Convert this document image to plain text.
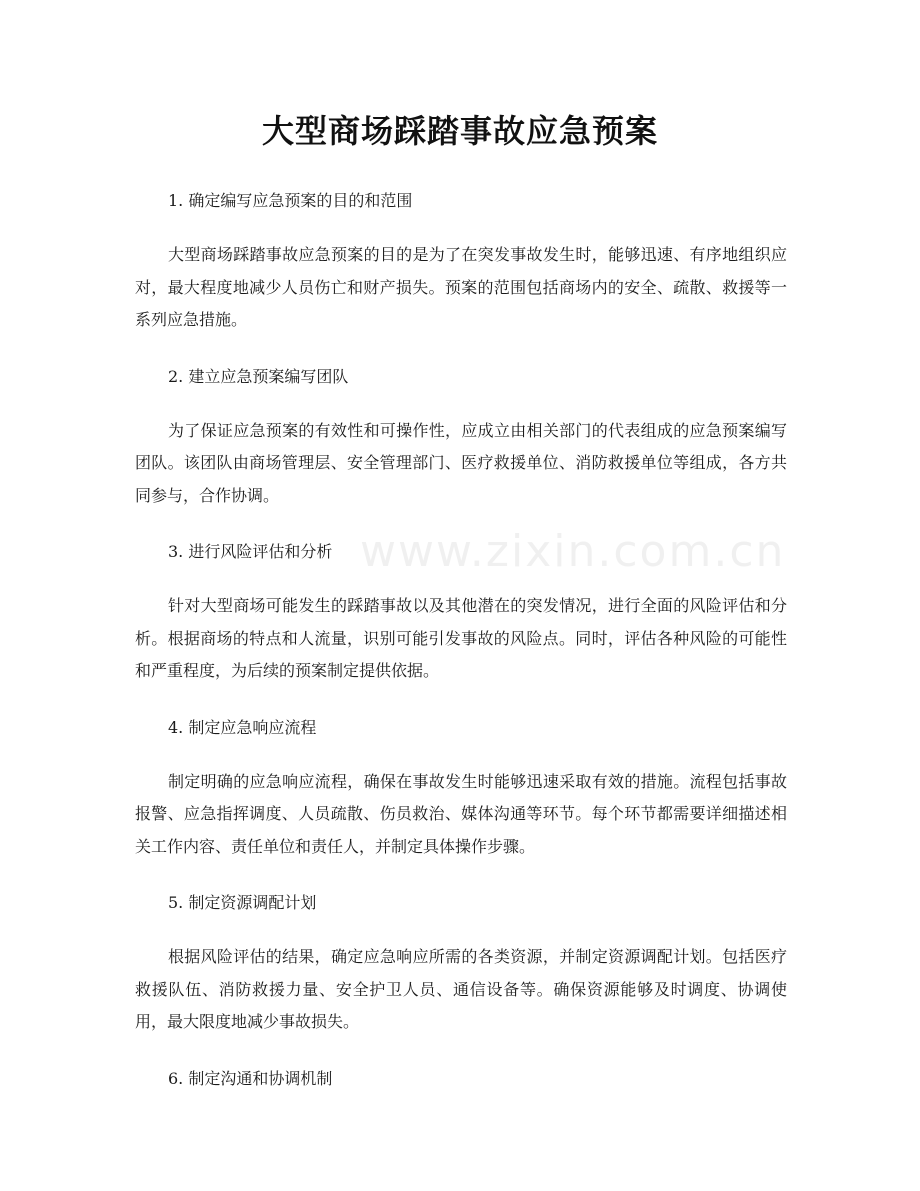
大型商场踩踏事故应急预案
www.zixin.com.cn

1. 确定编写应急预案的目的和范围

大型商场踩踏事故应急预案的目的是为了在突发事故发生时，能够迅速、有序地组织应对，最大程度地减少人员伤亡和财产损失。预案的范围包括商场内的安全、疏散、救援等一系列应急措施。

2. 建立应急预案编写团队

为了保证应急预案的有效性和可操作性，应成立由相关部门的代表组成的应急预案编写团队。该团队由商场管理层、安全管理部门、医疗救援单位、消防救援单位等组成，各方共同参与，合作协调。

3. 进行风险评估和分析

针对大型商场可能发生的踩踏事故以及其他潜在的突发情况，进行全面的风险评估和分析。根据商场的特点和人流量，识别可能引发事故的风险点。同时，评估各种风险的可能性和严重程度，为后续的预案制定提供依据。

4. 制定应急响应流程

制定明确的应急响应流程，确保在事故发生时能够迅速采取有效的措施。流程包括事故报警、应急指挥调度、人员疏散、伤员救治、媒体沟通等环节。每个环节都需要详细描述相关工作内容、责任单位和责任人，并制定具体操作步骤。

5. 制定资源调配计划

根据风险评估的结果，确定应急响应所需的各类资源，并制定资源调配计划。包括医疗救援队伍、消防救援力量、安全护卫人员、通信设备等。确保资源能够及时调度、协调使用，最大限度地减少事故损失。

6. 制定沟通和协调机制
